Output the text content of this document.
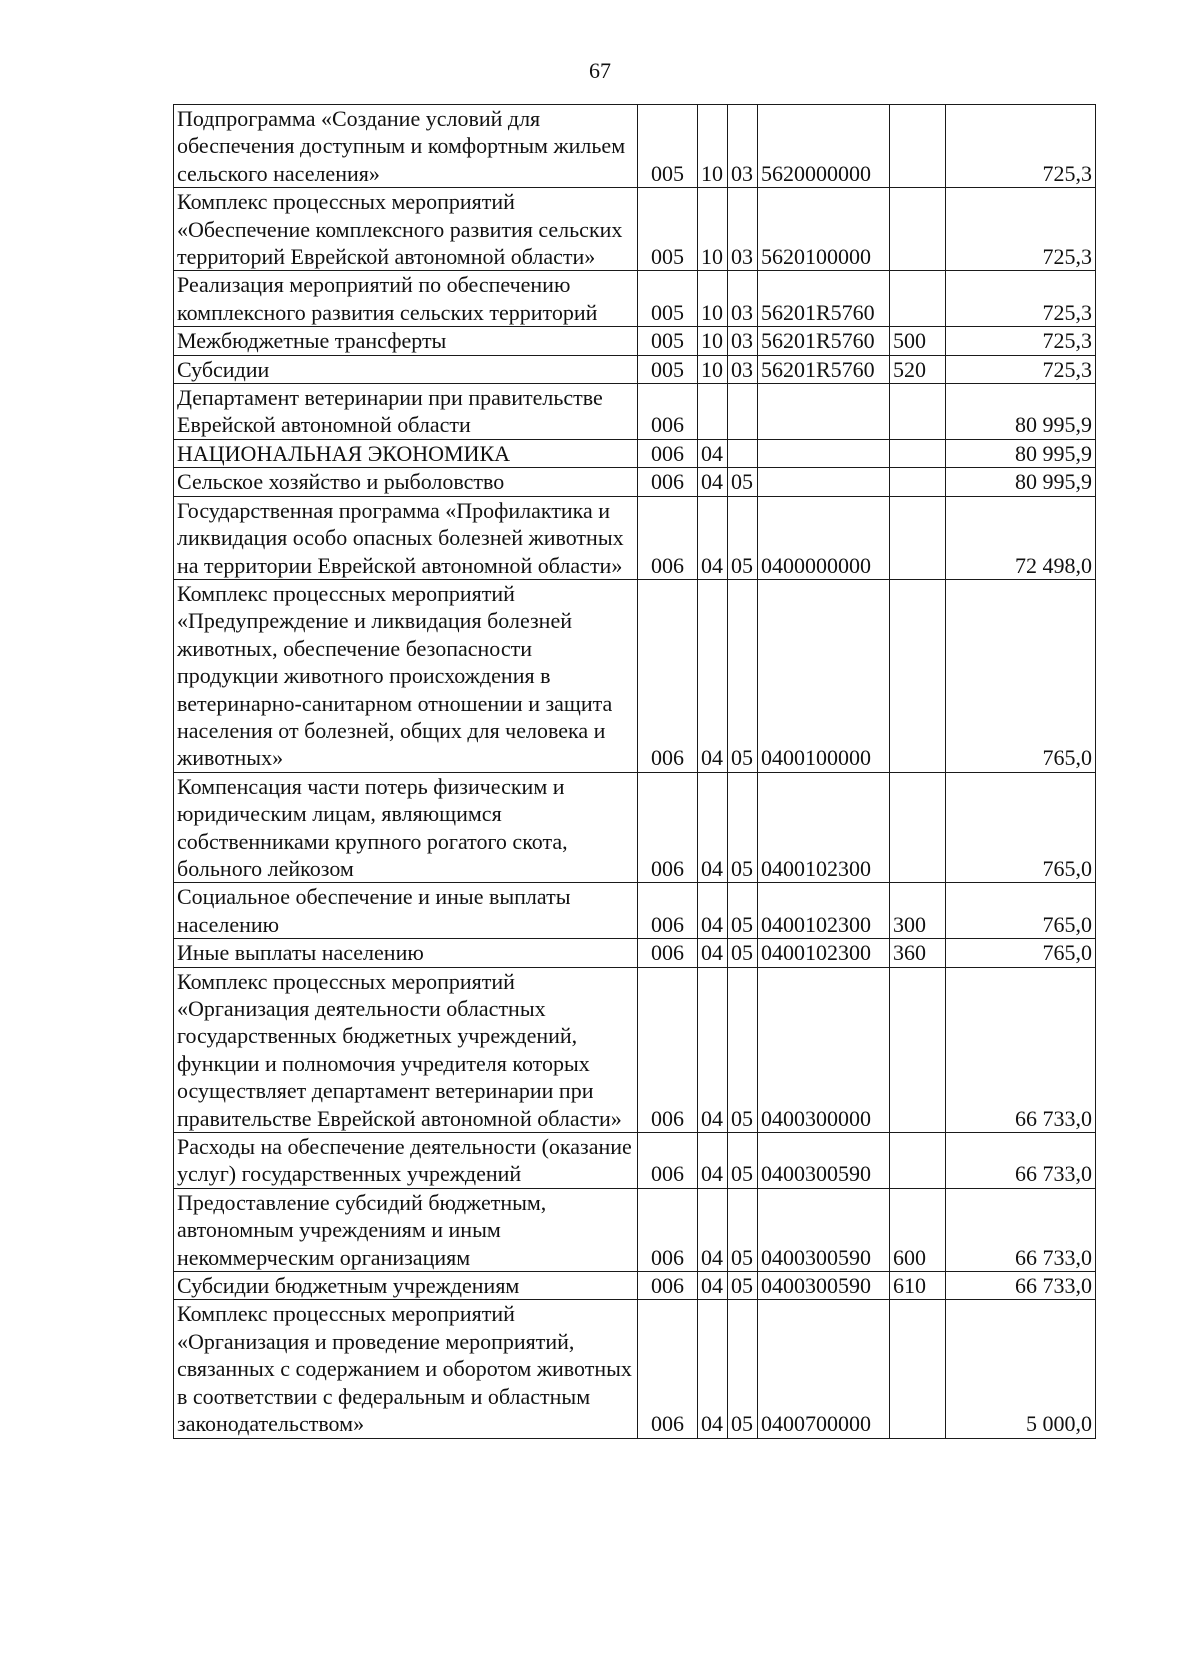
67
Подпрограмма «Создание условий для обеспечения доступным и комфортным жильем сельского населения»	005	10	03	5620000000		725,3
Комплекс процессных мероприятий «Обеспечение комплексного развития сельских территорий Еврейской автономной области»	005	10	03	5620100000		725,3
Реализация мероприятий по обеспечению комплексного развития сельских территорий	005	10	03	56201R5760		725,3
Межбюджетные трансферты	005	10	03	56201R5760	500	725,3
Субсидии	005	10	03	56201R5760	520	725,3
Департамент ветеринарии при правительстве Еврейской автономной области	006					80 995,9
НАЦИОНАЛЬНАЯ ЭКОНОМИКА	006	04				80 995,9
Сельское хозяйство и рыболовство	006	04	05			80 995,9
Государственная программа «Профилактика и ликвидация особо опасных болезней животных на территории Еврейской автономной области»	006	04	05	0400000000		72 498,0
Комплекс процессных мероприятий «Предупреждение и ликвидация болезней животных, обеспечение безопасности продукции животного происхождения в ветеринарно-санитарном отношении и защита населения от болезней, общих для человека и животных»	006	04	05	0400100000		765,0
Компенсация части потерь физическим и юридическим лицам, являющимся собственниками крупного рогатого скота, больного лейкозом	006	04	05	0400102300		765,0
Социальное обеспечение и иные выплаты населению	006	04	05	0400102300	300	765,0
Иные выплаты населению	006	04	05	0400102300	360	765,0
Комплекс процессных мероприятий «Организация деятельности областных государственных бюджетных учреждений, функции и полномочия учредителя которых осуществляет департамент ветеринарии при правительстве Еврейской автономной области»	006	04	05	0400300000		66 733,0
Расходы на обеспечение деятельности (оказание услуг) государственных учреждений	006	04	05	0400300590		66 733,0
Предоставление субсидий бюджетным, автономным учреждениям и иным некоммерческим организациям	006	04	05	0400300590	600	66 733,0
Субсидии бюджетным учреждениям	006	04	05	0400300590	610	66 733,0
Комплекс процессных мероприятий «Организация и проведение мероприятий, связанных с содержанием и оборотом животных в соответствии с федеральным и областным законодательством»	006	04	05	0400700000		5 000,0
